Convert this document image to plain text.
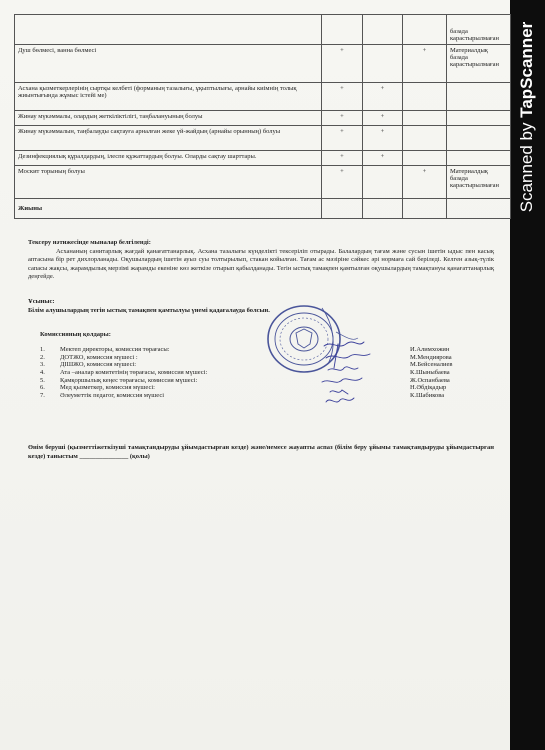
Scanned by TapScanner
				базада карастырылмаған
Душ бөлмесі, ванна бөлмесі	+		+	Материалдық базада карастырылмаған
Асхана қызметкерлерінің сыртқы келбеті (форманың тазалығы, ұқыптылығы, арнайы киімнің толық жиынтығында жұмыс істейі ме)	+	+		
Жинау мүкәммалы, олардың жеткіліктілігі, таңбалануының болуы	+	+		
Жинау мүкәммалын, таңбалауды сақтауға арналған жеке үй-жайдың (арнайы орынның) болуы	+	+		
Дезинфекциялық құралдардың, ілеспе құжаттардың болуы. Оларды сақтау шарттары.	+	+		
Москит торының болуы	+		+	Материалдық базада карастырылмаған
Жиыны				
Тексеру нәтижесінде мыналар белгіленді:
Асхананың санитарлық жағдай қанағаттанарлық. Асхана тазалығы күнделікті тексеріліп отырады. Балалардың тағам және сусын ішетін ыдыс пен касық аптасына бір рет дихлорланады. Оқушылардың ішетін ауыз суы толтырылып, стакан койылған. Тағам ас мәзіріне сәйкес әрі нормаға сай беріледі. Келген азық-түлік сапасы жақсы, жарамдылық мерзімі жарамды екеніне көз жеткізе отырып қабылданады. Тегін ыстық тамақпен қамтылған оқушылардың тамақтануы қанағаттанарлық деңгейде.
Ұсыныс:
Білім алушылардың тегін ыстық тамақпен қамтылуы үнемі қадағалауда болсын.
Комиссияның қолдары:
1.	Мектеп директоры, комиссия төрағасы:	И.Алимхожин
2.	ДОТЖО, комиссия мүшесі :	М.Мендиярова
3.	ДІШЖО, комиссия мүшесі:	М.Бейсеналиев
4.	Ата –аналар комитетінің төрағасы, комиссия мүшесі:	К.Шыныбаева
5.	Қамқоршылық кеңес төрағасы, комиссия мүшесі:	Ж.Оспанбаева
6.	Мед қызметкер, комиссия мүшесі:	Н.Әбдіқадыр
7.	Әлеуметтік педагог, комиссия мүшесі	К.Шабикова
Өнім беруші (қызметтіжеткізуші тамақтандыруды ұйымдастырған кезде) және/немесе жауапты аспаз (білім беру ұйымы тамақтандыруды ұйымдастырған кезде) таныстым _______________ (қолы)
